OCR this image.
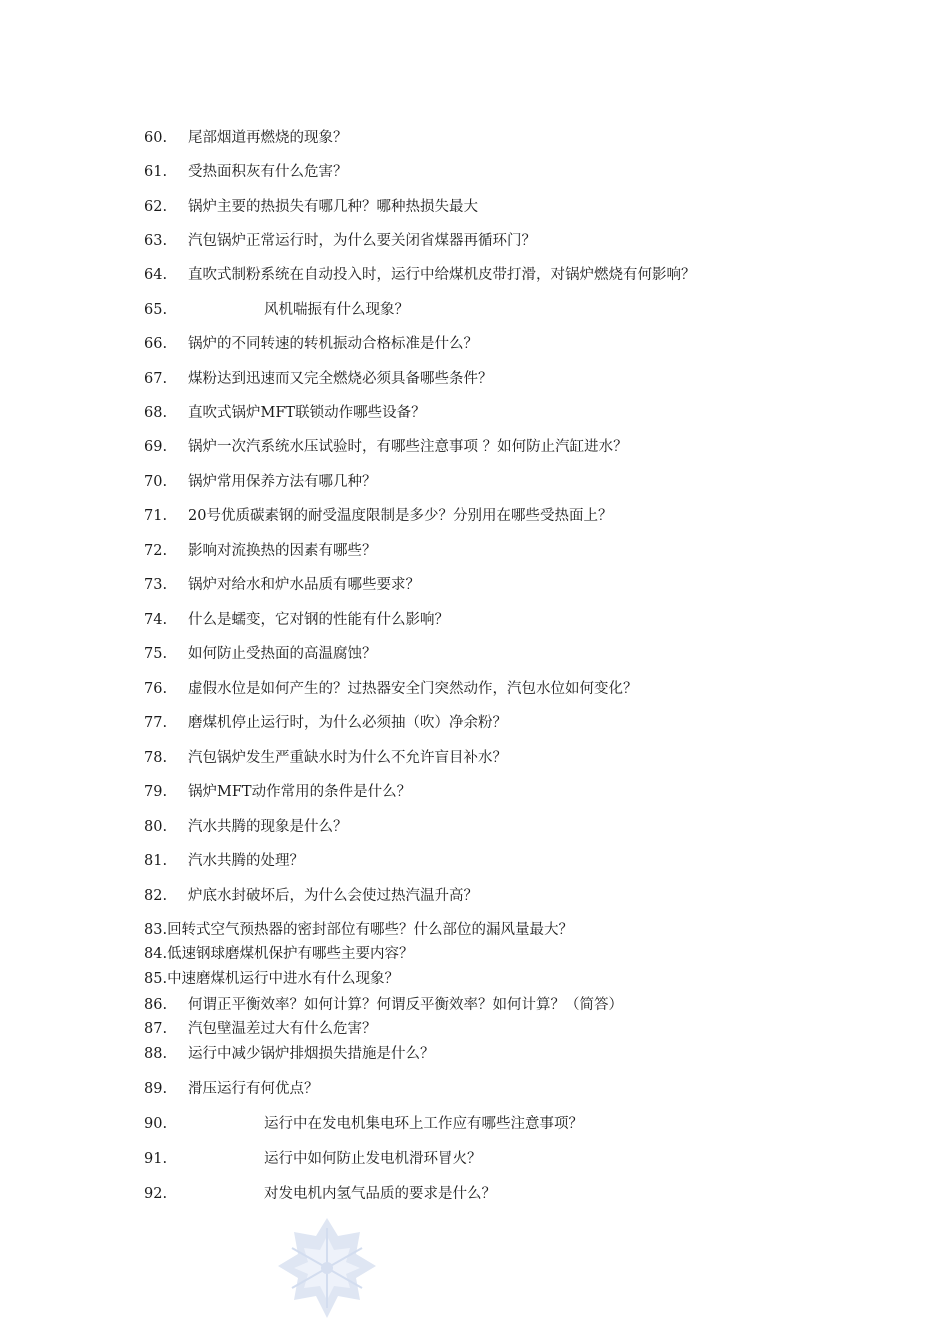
60. 尾部烟道再燃烧的现象？
61. 受热面积灰有什么危害？
62. 锅炉主要的热损失有哪几种？哪种热损失最大
63. 汽包锅炉正常运行时，为什么要关闭省煤器再循环门？
64. 直吹式制粉系统在自动投入时，运行中给煤机皮带打滑，对锅炉燃烧有何影响？
65.	风机喘振有什么现象？
66. 锅炉的不同转速的转机振动合格标准是什么？
67. 煤粉达到迅速而又完全燃烧必须具备哪些条件？
68. 直吹式锅炉MFT联锁动作哪些设备？
69. 锅炉一次汽系统水压试验时，有哪些注意事项 ？如何防止汽缸进水？
70. 锅炉常用保养方法有哪几种？
71. 20号优质碳素钢的耐受温度限制是多少？分别用在哪些受热面上？
72. 影响对流换热的因素有哪些？
73. 锅炉对给水和炉水品质有哪些要求？
74. 什么是蠕变，它对钢的性能有什么影响？
75. 如何防止受热面的高温腐蚀？
76. 虚假水位是如何产生的？过热器安全门突然动作，汽包水位如何变化？
77. 磨煤机停止运行时，为什么必须抽（吹）净余粉？
78. 汽包锅炉发生严重缺水时为什么不允许盲目补水？
79. 锅炉MFT动作常用的条件是什么？
80. 汽水共腾的现象是什么？
81. 汽水共腾的处理？
82. 炉底水封破坏后，为什么会使过热汽温升高？
83.回转式空气预热器的密封部位有哪些？什么部位的漏风量最大？
84.低速钢球磨煤机保护有哪些主要内容？
85.中速磨煤机运行中进水有什么现象？
86. 何谓正平衡效率？如何计算？何谓反平衡效率？如何计算？（简答）
87. 汽包壁温差过大有什么危害？
88. 运行中减少锅炉排烟损失措施是什么？
89. 滑压运行有何优点？
90.	运行中在发电机集电环上工作应有哪些注意事项？
91.	运行中如何防止发电机滑环冒火？
92.	对发电机内氢气品质的要求是什么？
